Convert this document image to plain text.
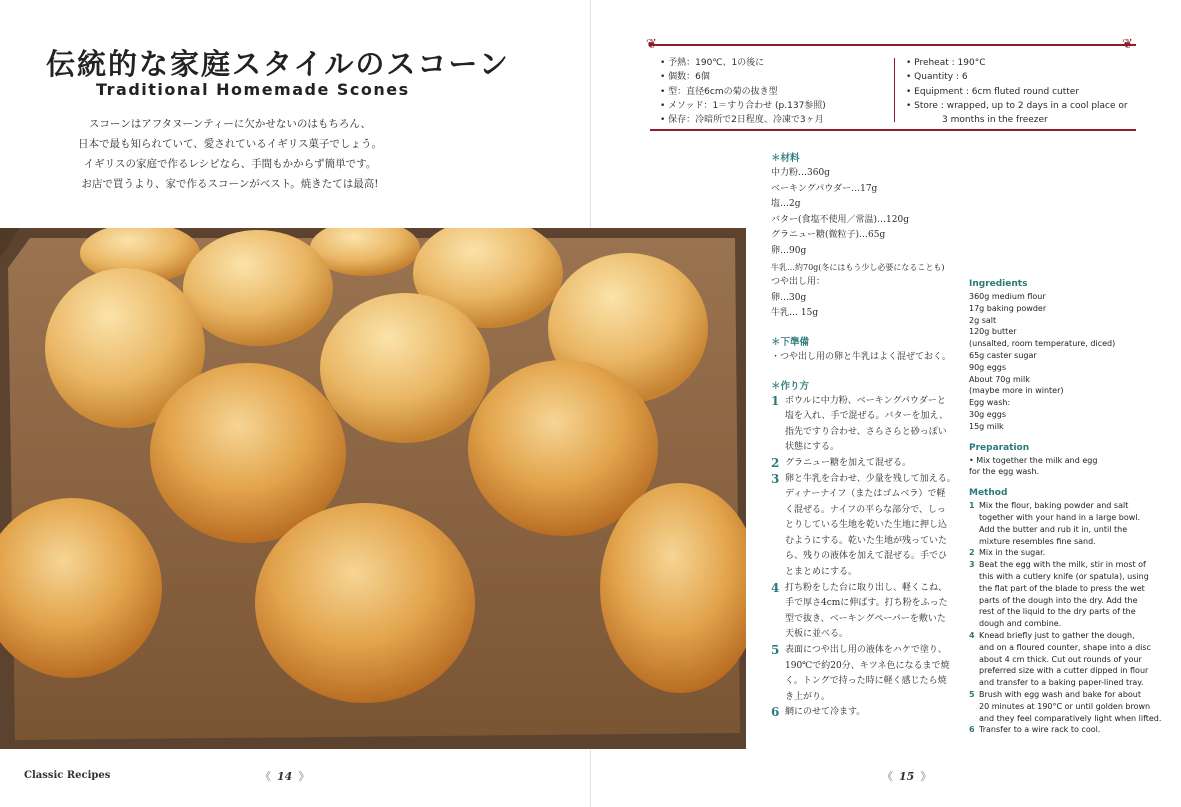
伝統的な家庭スタイルのスコーン
Traditional Homemade Scones
スコーンはアフタヌーンティーに欠かせないのはもちろん、
日本で最も知られていて、愛されているイギリス菓子でしょう。
イギリスの家庭で作るレシピなら、手間もかからず簡単です。
お店で買うより、家で作るスコーンがベスト。焼きたては最高!
Classic Recipes	《 14 》
❦	❦
• 予熱：190℃、1の後に
• 個数：6個
• 型：直径6cmの菊の抜き型
• メソッド：1＝すり合わせ (p.137参照)
• 保存：冷暗所で2日程度、冷凍で3ヶ月
• Preheat : 190°C
• Quantity : 6
• Equipment : 6cm fluted round cutter
• Store : wrapped, up to 2 days in a cool place or
3 months in the freezer
✽材料
中力粉…360g
ベーキングパウダー…17g
塩…2g
バター(食塩不使用／常温)…120g
グラニュー糖(微粒子)…65g
卵…90g
牛乳…約70g(冬にはもう少し必要になることも)
つや出し用：
卵…30g
牛乳… 15g
✽下準備
・つや出し用の卵と牛乳はよく混ぜておく。
✽作り方
1 ボウルに中力粉、ベーキングパウダーと
塩を入れ、手で混ぜる。バターを加え、
指先ですり合わせ、さらさらと砂っぽい
状態にする。
2 グラニュー糖を加えて混ぜる。
3 卵と牛乳を合わせ、少量を残して加える。
ディナーナイフ（またはゴムベラ）で軽
く混ぜる。ナイフの平らな部分で、しっ
とりしている生地を乾いた生地に押し込
むようにする。乾いた生地が残っていた
ら、残りの液体を加えて混ぜる。手でひ
とまとめにする。
4 打ち粉をした台に取り出し、軽くこね、
手で厚さ4cmに伸ばす。打ち粉をふった
型で抜き、ベーキングペーパーを敷いた
天板に並べる。
5 表面につや出し用の液体をハケで塗り、
190℃で約20分、キツネ色になるまで焼
く。トングで持った時に軽く感じたら焼
き上がり。
6 網にのせて冷ます。
Ingredients
360g medium flour
17g baking powder
2g salt
120g butter
(unsalted, room temperature, diced)
65g caster sugar
90g eggs
About 70g milk
(maybe more in winter)
Egg wash:
30g eggs
15g milk
Preparation
• Mix together the milk and egg
for the egg wash.
Method
1 Mix the flour, baking powder and salt
together with your hand in a large bowl.
Add the butter and rub it in, until the
mixture resembles fine sand.
2 Mix in the sugar.
3 Beat the egg with the milk, stir in most of
this with a cutlery knife (or spatula), using
the flat part of the blade to press the wet
parts of the dough into the dry. Add the
rest of the liquid to the dry parts of the
dough and combine.
4 Knead briefly just to gather the dough,
and on a floured counter, shape into a disc
about 4 cm thick. Cut out rounds of your
preferred size with a cutter dipped in flour
and transfer to a baking paper-lined tray.
5 Brush with egg wash and bake for about
20 minutes at 190°C or until golden brown
and they feel comparatively light when lifted.
6 Transfer to a wire rack to cool.
《 15 》
